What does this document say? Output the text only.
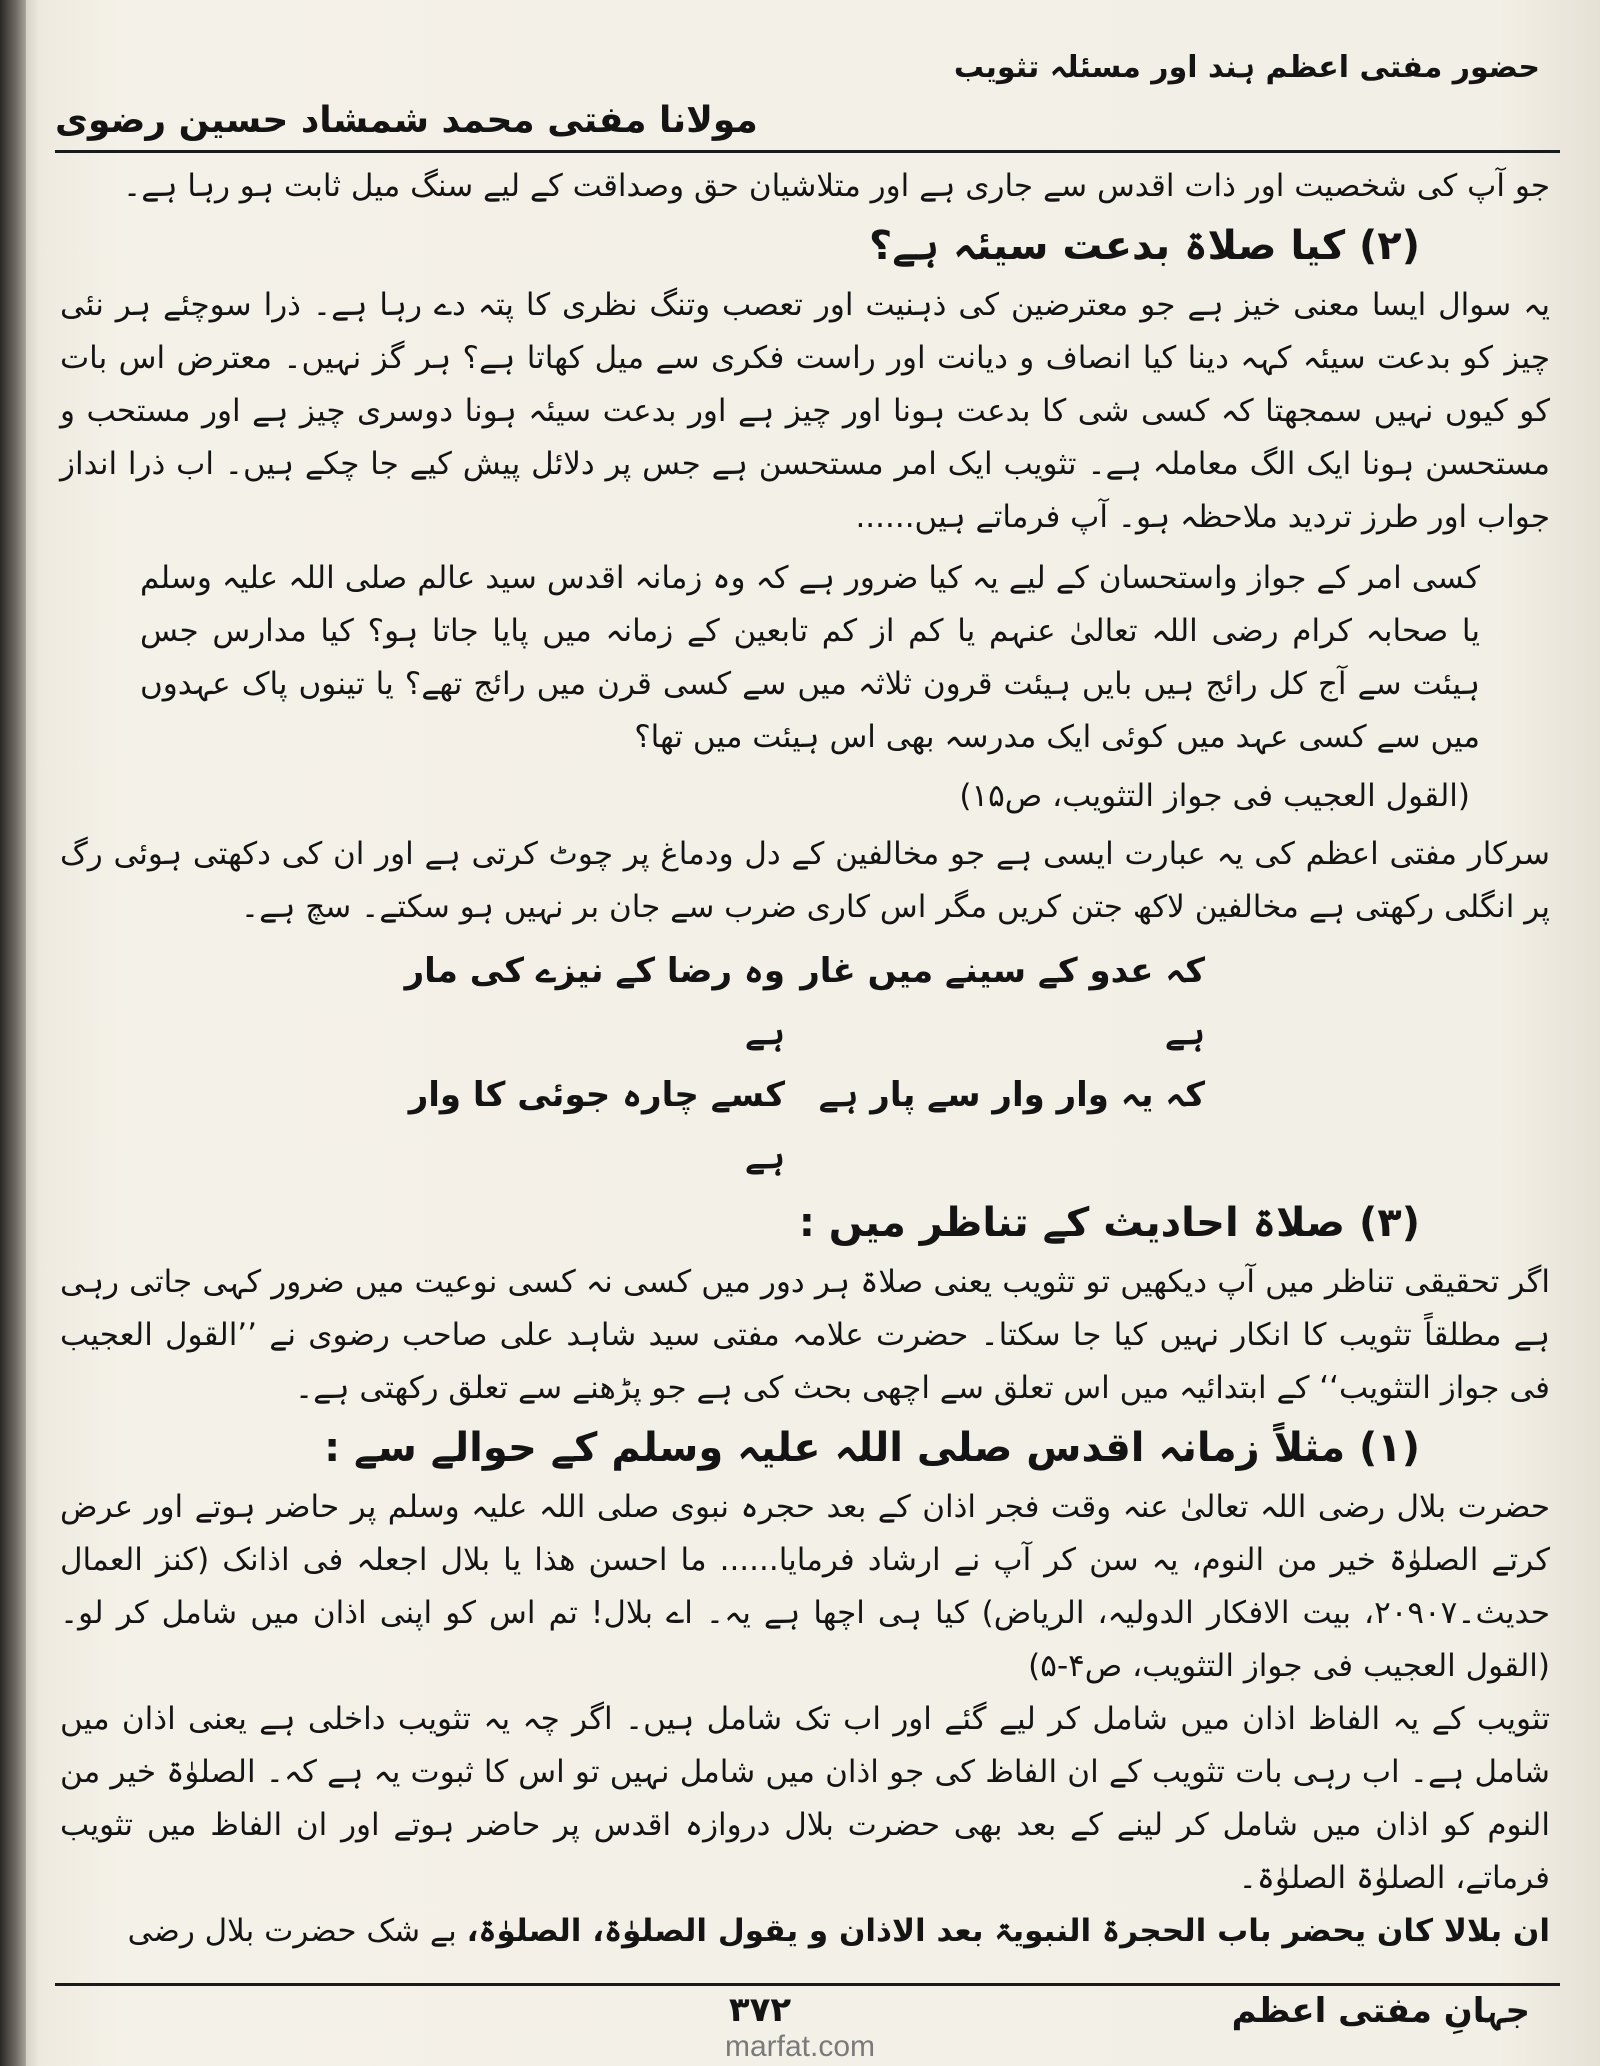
حضور مفتی اعظم ہند اور مسئلہ تثویب
مولانا مفتی محمد شمشاد حسین رضوی

جو آپ کی شخصیت اور ذات اقدس سے جاری ہے اور متلاشیان حق وصداقت کے لیے سنگ میل ثابت ہو رہا ہے۔

(۲) کیا صلاۃ بدعت سیئہ ہے؟

یہ سوال ایسا معنی خیز ہے جو معترضین کی ذہنیت اور تعصب وتنگ نظری کا پتہ دے رہا ہے۔ ذرا سوچئے ہر نئی چیز کو بدعت سیئہ کہہ دینا کیا انصاف و دیانت اور راست فکری سے میل کھاتا ہے؟ ہر گز نہیں۔ معترض اس بات کو کیوں نہیں سمجھتا کہ کسی شی کا بدعت ہونا اور چیز ہے اور بدعت سیئہ ہونا دوسری چیز ہے اور مستحب و مستحسن ہونا ایک الگ معاملہ ہے۔ تثویب ایک امر مستحسن ہے جس پر دلائل پیش کیے جا چکے ہیں۔ اب ذرا انداز جواب اور طرز تردید ملاحظہ ہو۔ آپ فرماتے ہیں......

کسی امر کے جواز واستحسان کے لیے یہ کیا ضرور ہے کہ وہ زمانہ اقدس سید عالم صلی اللہ علیہ وسلم یا صحابہ کرام رضی اللہ تعالیٰ عنہم یا کم از کم تابعین کے زمانہ میں پایا جاتا ہو؟ کیا مدارس جس ہیئت سے آج کل رائج ہیں بایں ہیئت قرون ثلاثہ میں سے کسی قرن میں رائج تھے؟ یا تینوں پاک عہدوں میں سے کسی عہد میں کوئی ایک مدرسہ بھی اس ہیئت میں تھا؟

(القول العجیب فی جواز التثویب، ص۱۵)

سرکار مفتی اعظم کی یہ عبارت ایسی ہے جو مخالفین کے دل ودماغ پر چوٹ کرتی ہے اور ان کی دکھتی ہوئی رگ پر انگلی رکھتی ہے مخالفین لاکھ جتن کریں مگر اس کاری ضرب سے جان بر نہیں ہو سکتے۔ سچ ہے۔

وہ رضا کے نیزے کی مار ہے
کہ عدو کے سینے میں غار ہے
کسے چارہ جوئی کا وار ہے
کہ یہ وار وار سے پار ہے
(۳) صلاۃ احادیث کے تناظر میں :

اگر تحقیقی تناظر میں آپ دیکھیں تو تثویب یعنی صلاۃ ہر دور میں کسی نہ کسی نوعیت میں ضرور کہی جاتی رہی ہے مطلقاً تثویب کا انکار نہیں کیا جا سکتا۔ حضرت علامہ مفتی سید شاہد علی صاحب رضوی نے ’’القول العجیب فی جواز التثویب‘‘ کے ابتدائیہ میں اس تعلق سے اچھی بحث کی ہے جو پڑھنے سے تعلق رکھتی ہے۔

(۱) مثلاً زمانہ اقدس صلی اللہ علیہ وسلم کے حوالے سے :

حضرت بلال رضی اللہ تعالیٰ عنہ وقت فجر اذان کے بعد حجرہ نبوی صلی اللہ علیہ وسلم پر حاضر ہوتے اور عرض کرتے الصلوٰۃ خیر من النوم، یہ سن کر آپ نے ارشاد فرمایا...... ما احسن ھذا یا بلال اجعلہ فی اذانک (کنز العمال حدیث۔۲۰۹۰۷، بیت الافکار الدولیہ، الریاض) کیا ہی اچھا ہے یہ۔ اے بلال! تم اس کو اپنی اذان میں شامل کر لو۔ (القول العجیب فی جواز التثویب، ص۴-۵)

تثویب کے یہ الفاظ اذان میں شامل کر لیے گئے اور اب تک شامل ہیں۔ اگر چہ یہ تثویب داخلی ہے یعنی اذان میں شامل ہے۔ اب رہی بات تثویب کے ان الفاظ کی جو اذان میں شامل نہیں تو اس کا ثبوت یہ ہے کہ۔ الصلوٰۃ خیر من النوم کو اذان میں شامل کر لینے کے بعد بھی حضرت بلال دروازہ اقدس پر حاضر ہوتے اور ان الفاظ میں تثویب فرماتے، الصلوٰۃ الصلوٰۃ۔

ان بلالا کان یحضر باب الحجرۃ النبویۃ بعد الاذان و یقول الصلوٰۃ، الصلوٰۃ، بے شک حضرت بلال رضی

جہانِ مفتی اعظم
۳۷۲
marfat.com
